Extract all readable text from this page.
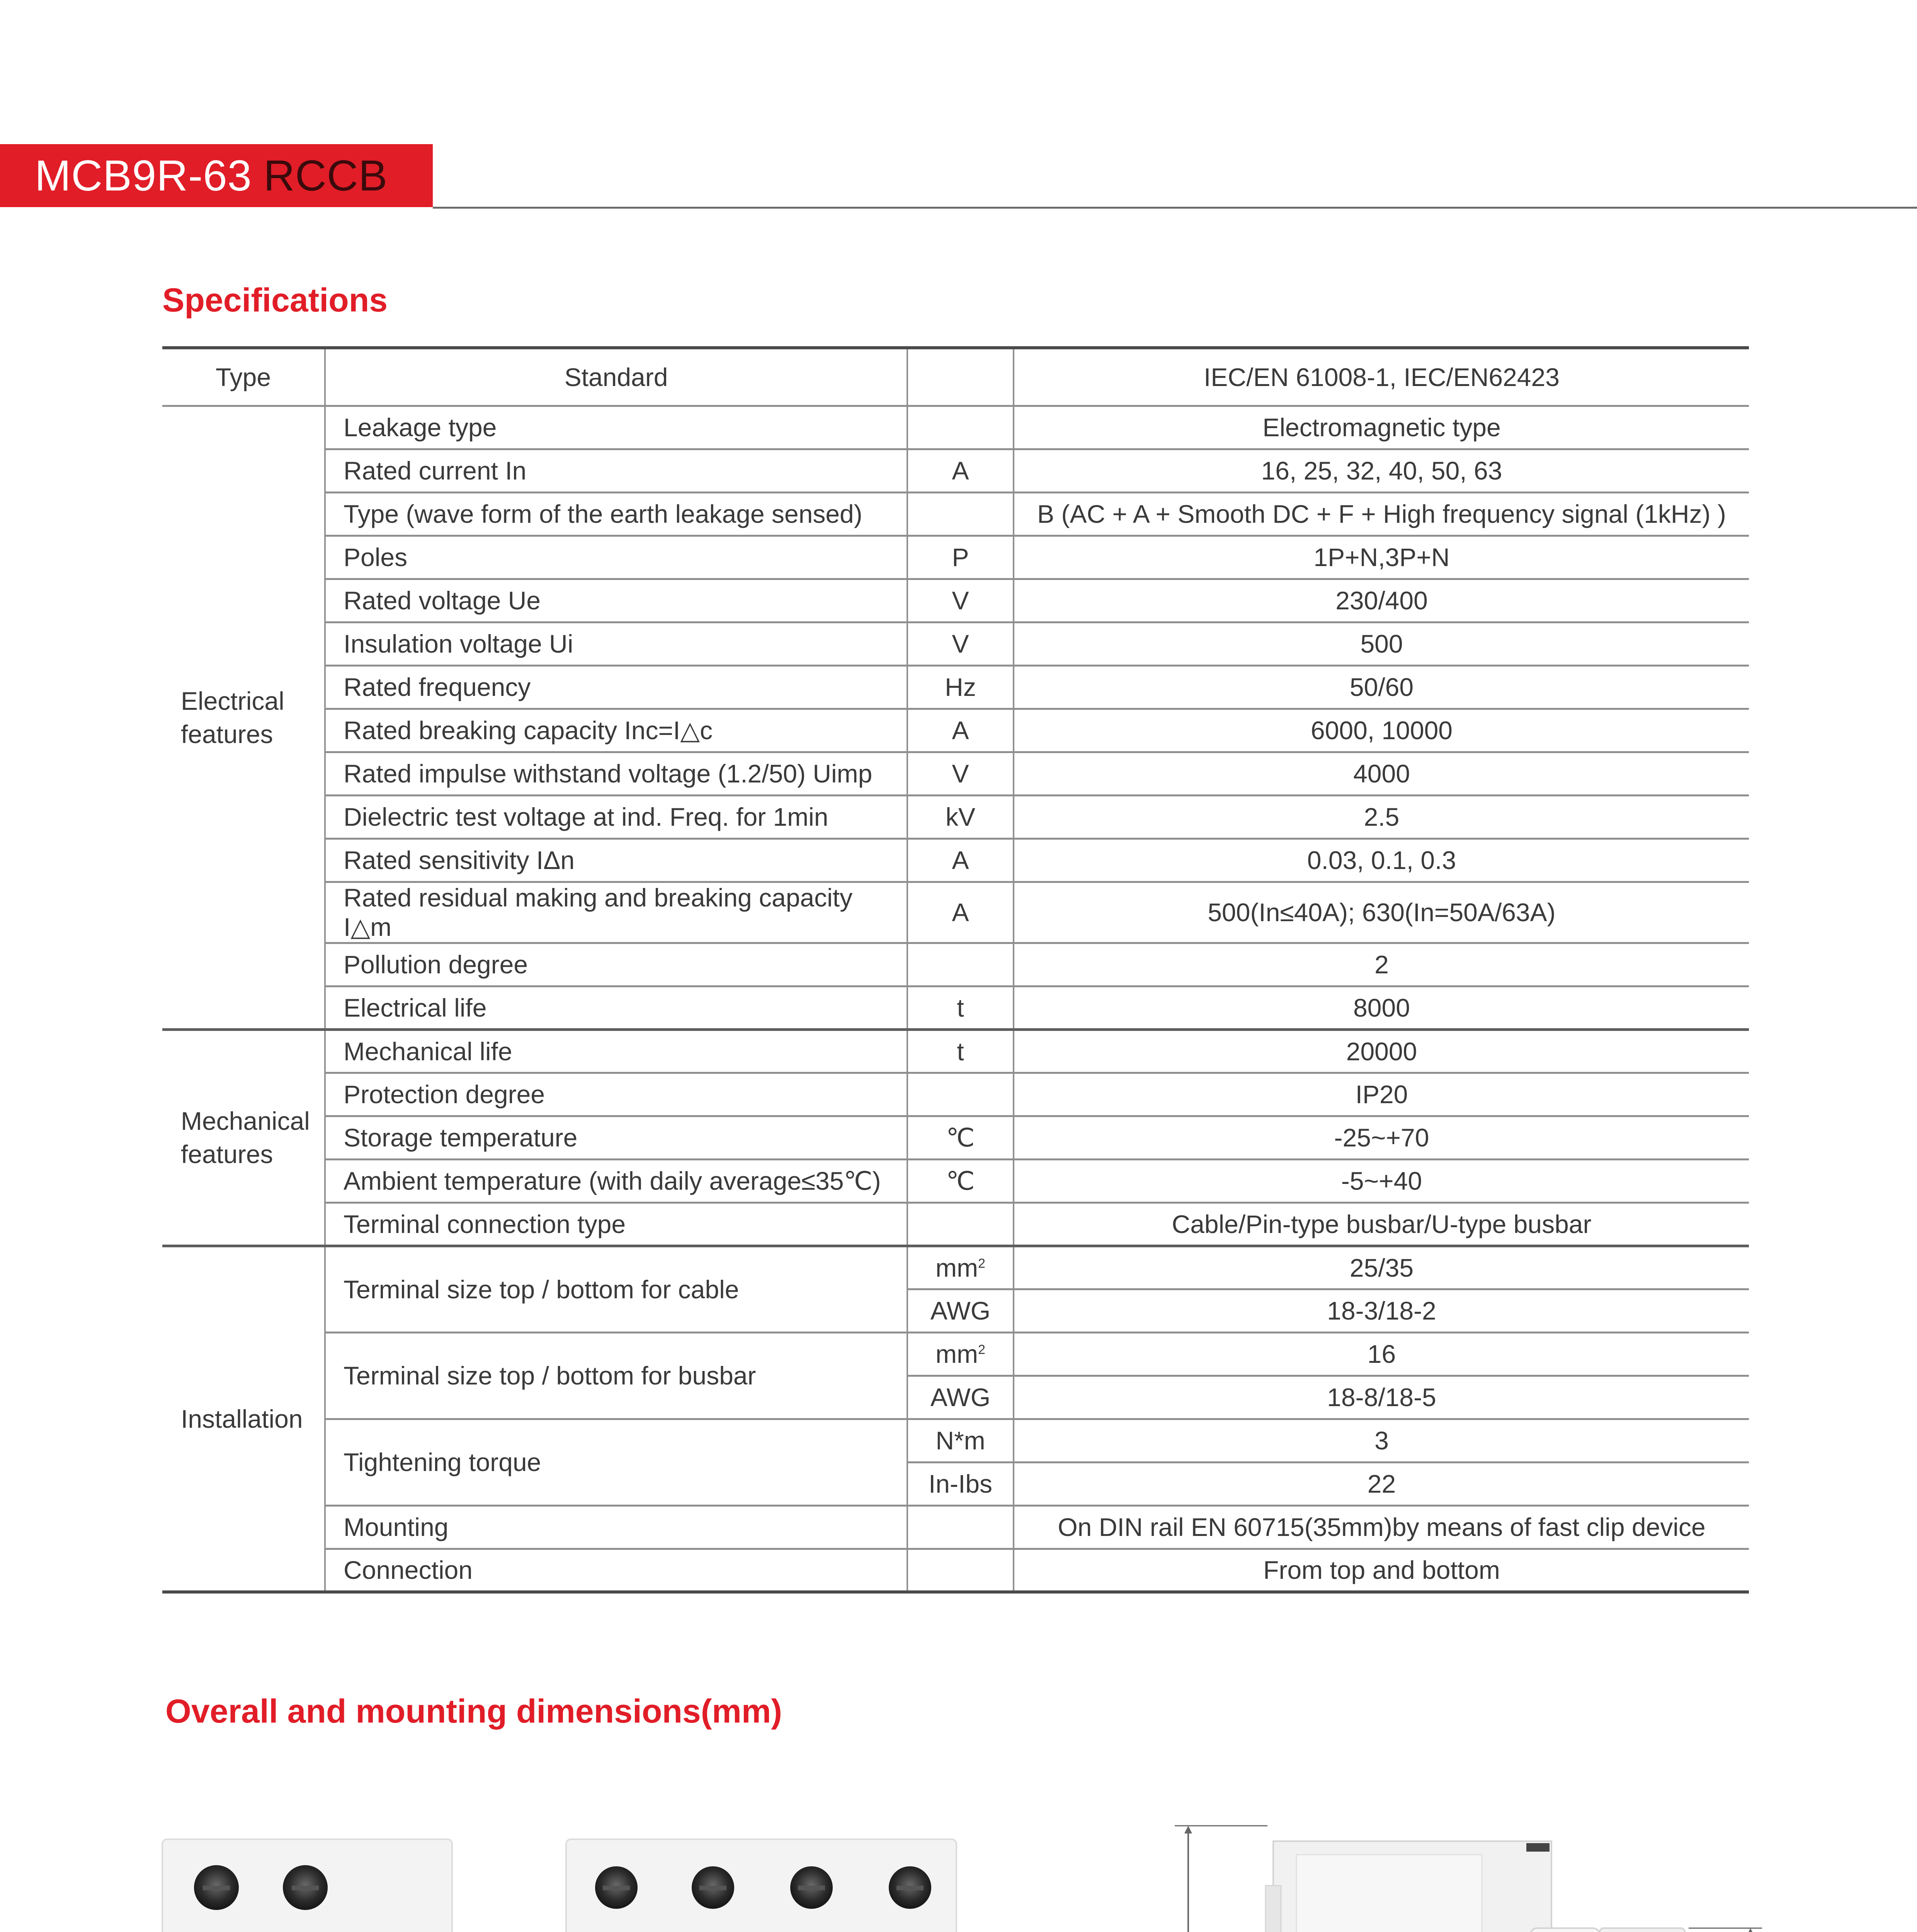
MCB9R-63 RCCB
Specifications
Type	Standard		IEC/EN 61008-1, IEC/EN62423
Electrical features	Leakage type		Electromagnetic type
	Rated current In	A	16, 25, 32, 40, 50, 63
	Type (wave form of the earth leakage sensed)		B (AC + A + Smooth DC + F + High frequency signal (1kHz) )
	Poles	P	1P+N,3P+N
	Rated voltage Ue	V	230/400
	Insulation voltage Ui	V	500
	Rated frequency	Hz	50/60
	Rated breaking capacity Inc=I△c	A	6000, 10000
	Rated impulse withstand voltage (1.2/50) Uimp	V	4000
	Dielectric test voltage at ind. Freq. for 1min	kV	2.5
	Rated sensitivity IΔn	A	0.03, 0.1, 0.3
	Rated residual making and breaking capacity I△m	A	500(In≤40A); 630(In=50A/63A)
	Pollution degree		2
	Electrical life	t	8000
Mechanical features	Mechanical life	t	20000
	Protection degree		IP20
	Storage temperature	℃	-25~+70
	Ambient temperature (with daily average≤35℃)	℃	-5~+40
	Terminal connection type		Cable/Pin-type busbar/U-type busbar
Installation	Terminal size top / bottom for cable	$mm^2$	25/35
		AWG	18-3/18-2
	Terminal size top / bottom for busbar	$mm^2$	16
		AWG	18-8/18-5
	Tightening torque	N*m	3
		In-Ibs	22
	Mounting		On DIN rail EN 60715(35mm)by means of fast clip device
	Connection		From top and bottom
Overall and mounting dimensions(mm)
